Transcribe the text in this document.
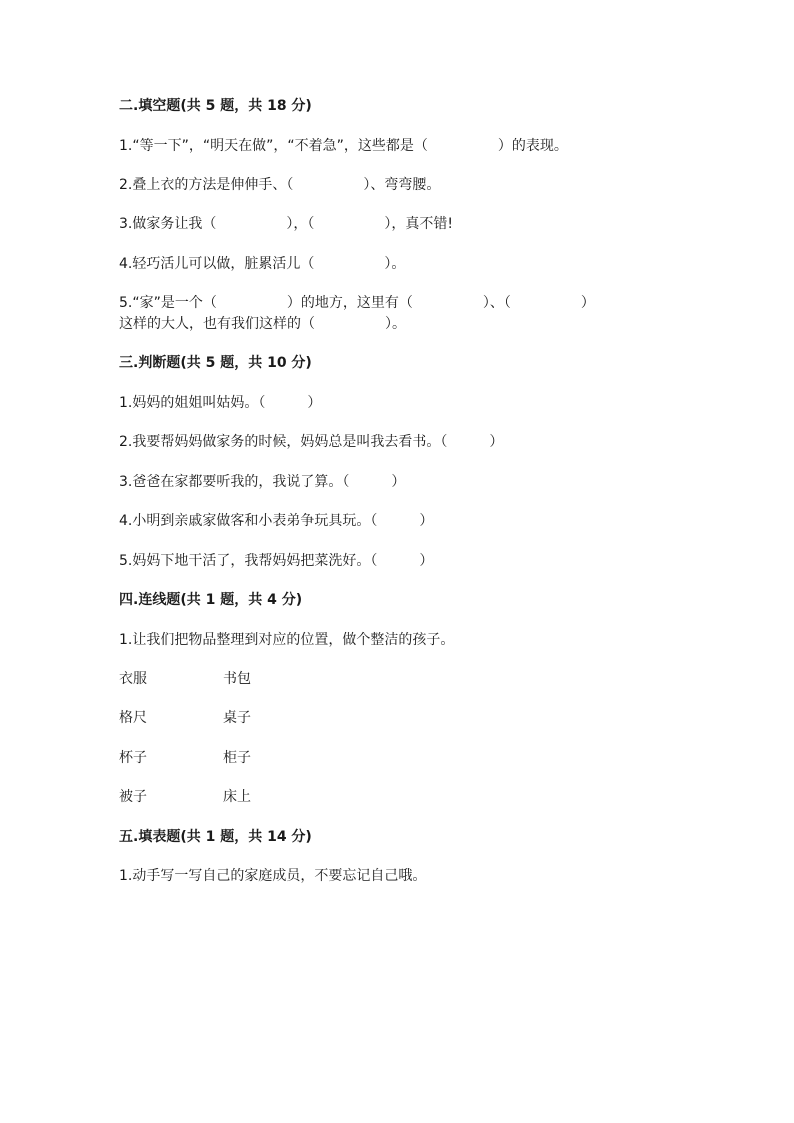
二.填空题(共 5 题，共 18 分)
1.“等一下”，“明天在做”，“不着急”，这些都是（　　　　　）的表现。
2.叠上衣的方法是伸伸手、（　　　　　）、弯弯腰。
3.做家务让我（　　　　　），（　　　　　），真不错!
4.轻巧活儿可以做，脏累活儿（　　　　　）。
5.“家”是一个（　　　　　）的地方，这里有（　　　　　）、（　　　　　）
这样的大人，也有我们这样的（　　　　　）。
三.判断题(共 5 题，共 10 分)
1.妈妈的姐姐叫姑妈。（　　　）
2.我要帮妈妈做家务的时候，妈妈总是叫我去看书。（　　　）
3.爸爸在家都要听我的，我说了算。（　　　）
4.小明到亲戚家做客和小表弟争玩具玩。（　　　）
5.妈妈下地干活了，我帮妈妈把菜洗好。（　　　）
四.连线题(共 1 题，共 4 分)
1.让我们把物品整理到对应的位置，做个整洁的孩子。
衣服	书包
格尺	桌子
杯子	柜子
被子	床上
五.填表题(共 1 题，共 14 分)
1.动手写一写自己的家庭成员，不要忘记自己哦。
